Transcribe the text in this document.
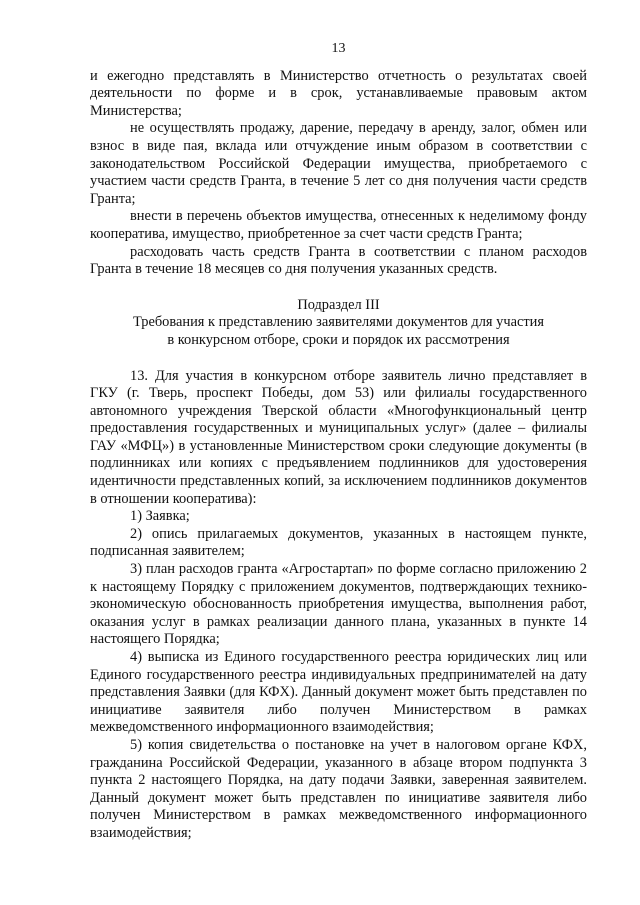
13

и ежегодно представлять в Министерство отчетность о результатах своей деятельности по форме и в срок, устанавливаемые правовым актом Министерства;

не осуществлять продажу, дарение, передачу в аренду, залог, обмен или взнос в виде пая, вклада или отчуждение иным образом в соответствии с законодательством Российской Федерации имущества, приобретаемого с участием части средств Гранта, в течение 5 лет со дня получения части средств Гранта;

внести в перечень объектов имущества, отнесенных к неделимому фонду кооператива, имущество, приобретенное за счет части средств Гранта;

расходовать часть средств Гранта в соответствии с планом расходов Гранта в течение 18 месяцев со дня получения указанных средств.

Подраздел III

Требования к представлению заявителями документов для участия

в конкурсном отборе, сроки и порядок их рассмотрения

13. Для участия в конкурсном отборе заявитель лично представляет в ГКУ (г. Тверь, проспект Победы, дом 53) или филиалы государственного автономного учреждения Тверской области «Многофункциональный центр предоставления государственных и муниципальных услуг» (далее – филиалы ГАУ «МФЦ») в установленные Министерством сроки следующие документы (в подлинниках или копиях с предъявлением подлинников для удостоверения идентичности представленных копий, за исключением подлинников документов в отношении кооператива):

1) Заявка;

2) опись прилагаемых документов, указанных в настоящем пункте, подписанная заявителем;

3) план расходов гранта «Агростартап» по форме согласно приложению 2 к настоящему Порядку с приложением документов, подтверждающих технико-экономическую обоснованность приобретения имущества, выполнения работ, оказания услуг в рамках реализации данного плана, указанных в пункте 14 настоящего Порядка;

4) выписка из Единого государственного реестра юридических лиц или Единого государственного реестра индивидуальных предпринимателей на дату представления Заявки (для КФХ). Данный документ может быть представлен по инициативе заявителя либо получен Министерством в рамках межведомственного информационного взаимодействия;

5) копия свидетельства о постановке на учет в налоговом органе КФХ, гражданина Российской Федерации, указанного в абзаце втором подпункта 3 пункта 2 настоящего Порядка, на дату подачи Заявки, заверенная заявителем. Данный документ может быть представлен по инициативе заявителя либо получен Министерством в рамках межведомственного информационного взаимодействия;
